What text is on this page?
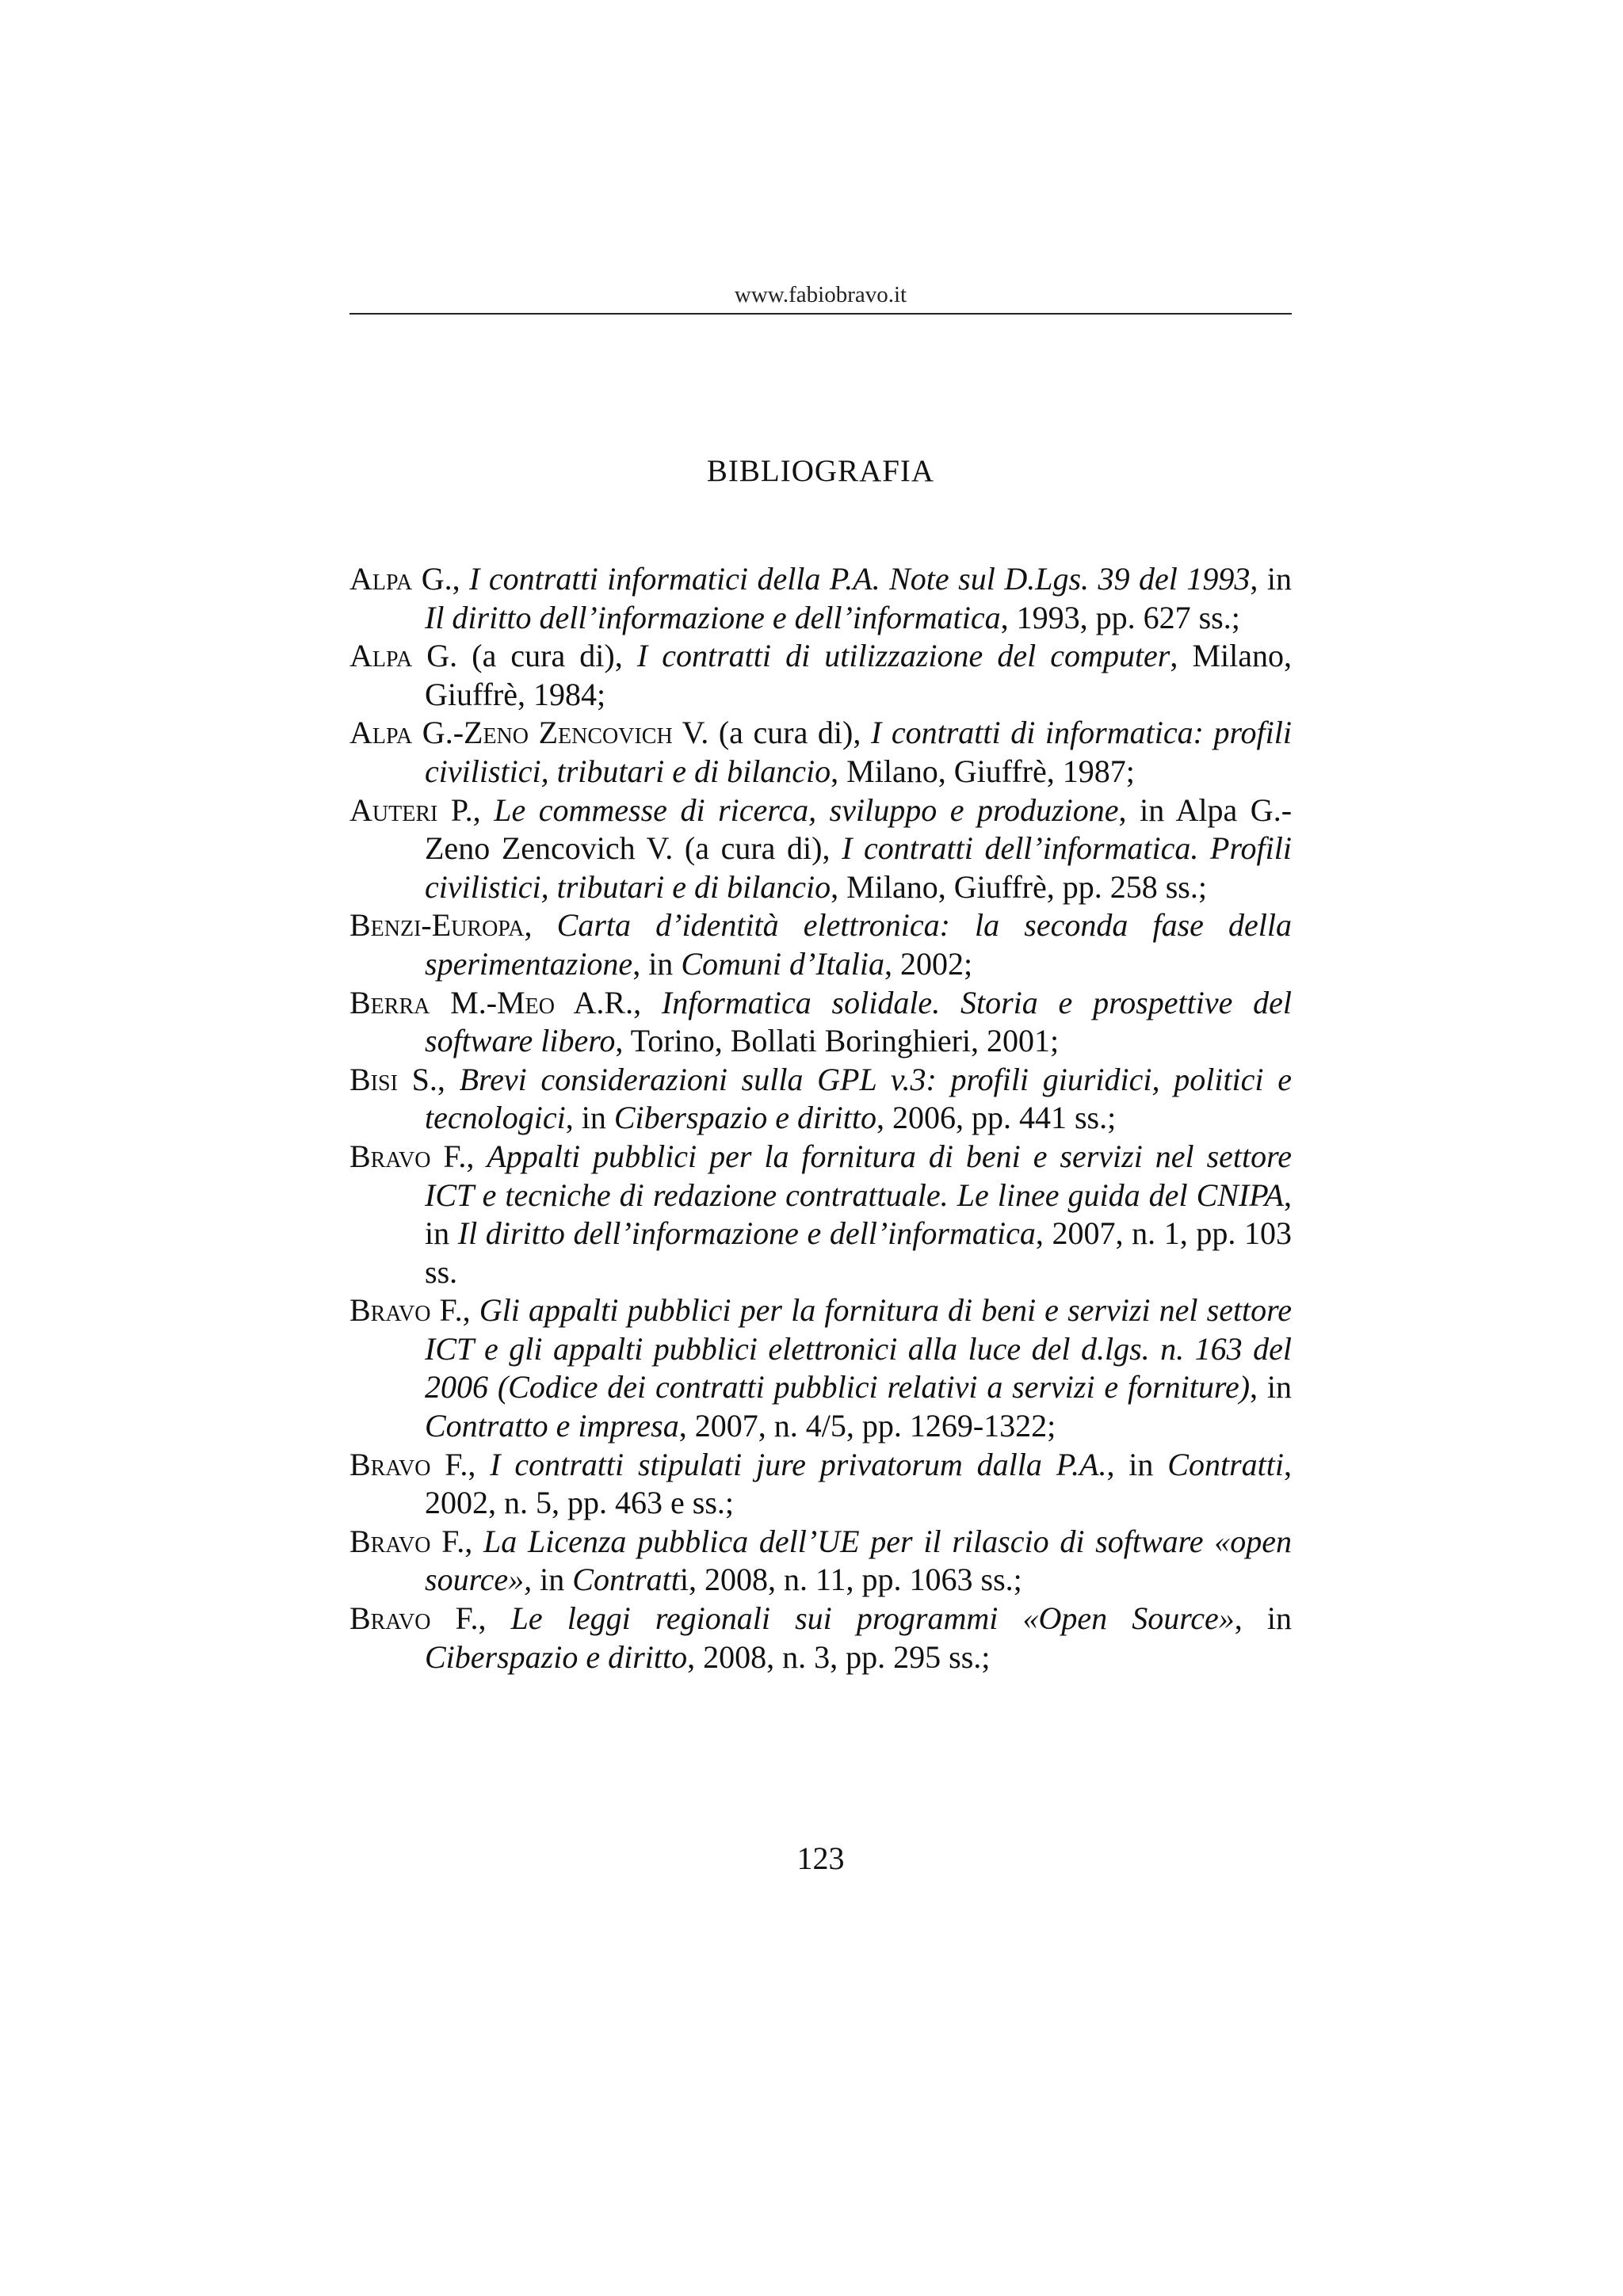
www.fabiobravo.it
BIBLIOGRAFIA
Alpa G., I contratti informatici della P.A. Note sul D.Lgs. 39 del 1993, in Il diritto dell’informazione e dell’informatica, 1993, pp. 627 ss.;
Alpa G. (a cura di), I contratti di utilizzazione del computer, Milano, Giuffrè, 1984;
Alpa G.-Zeno Zencovich V. (a cura di), I contratti di informatica: profili civilistici, tributari e di bilancio, Milano, Giuffrè, 1987;
Auteri P., Le commesse di ricerca, sviluppo e produzione, in Alpa G.-Zeno Zencovich V. (a cura di), I contratti dell’informatica. Profili civilistici, tributari e di bilancio, Milano, Giuffrè, pp. 258 ss.;
Benzi-Europa, Carta d’identità elettronica: la seconda fase della sperimentazione, in Comuni d’Italia, 2002;
Berra M.-Meo A.R., Informatica solidale. Storia e prospettive del software libero, Torino, Bollati Boringhieri, 2001;
Bisi S., Brevi considerazioni sulla GPL v.3: profili giuridici, politici e tecnologici, in Ciberspazio e diritto, 2006, pp. 441 ss.;
Bravo F., Appalti pubblici per la fornitura di beni e servizi nel settore ICT e tecniche di redazione contrattuale. Le linee guida del CNIPA, in Il diritto dell’informazione e dell’informatica, 2007, n. 1, pp. 103 ss.
Bravo F., Gli appalti pubblici per la fornitura di beni e servizi nel settore ICT e gli appalti pubblici elettronici alla luce del d.lgs. n. 163 del 2006 (Codice dei contratti pubblici relativi a servizi e forniture), in Contratto e impresa, 2007, n. 4/5, pp. 1269-1322;
Bravo F., I contratti stipulati jure privatorum dalla P.A., in Contratti, 2002, n. 5, pp. 463 e ss.;
Bravo F., La Licenza pubblica dell’UE per il rilascio di software «open source», in Contratti, 2008, n. 11, pp. 1063 ss.;
Bravo F., Le leggi regionali sui programmi «Open Source», in Ciberspazio e diritto, 2008, n. 3, pp. 295 ss.;
123
